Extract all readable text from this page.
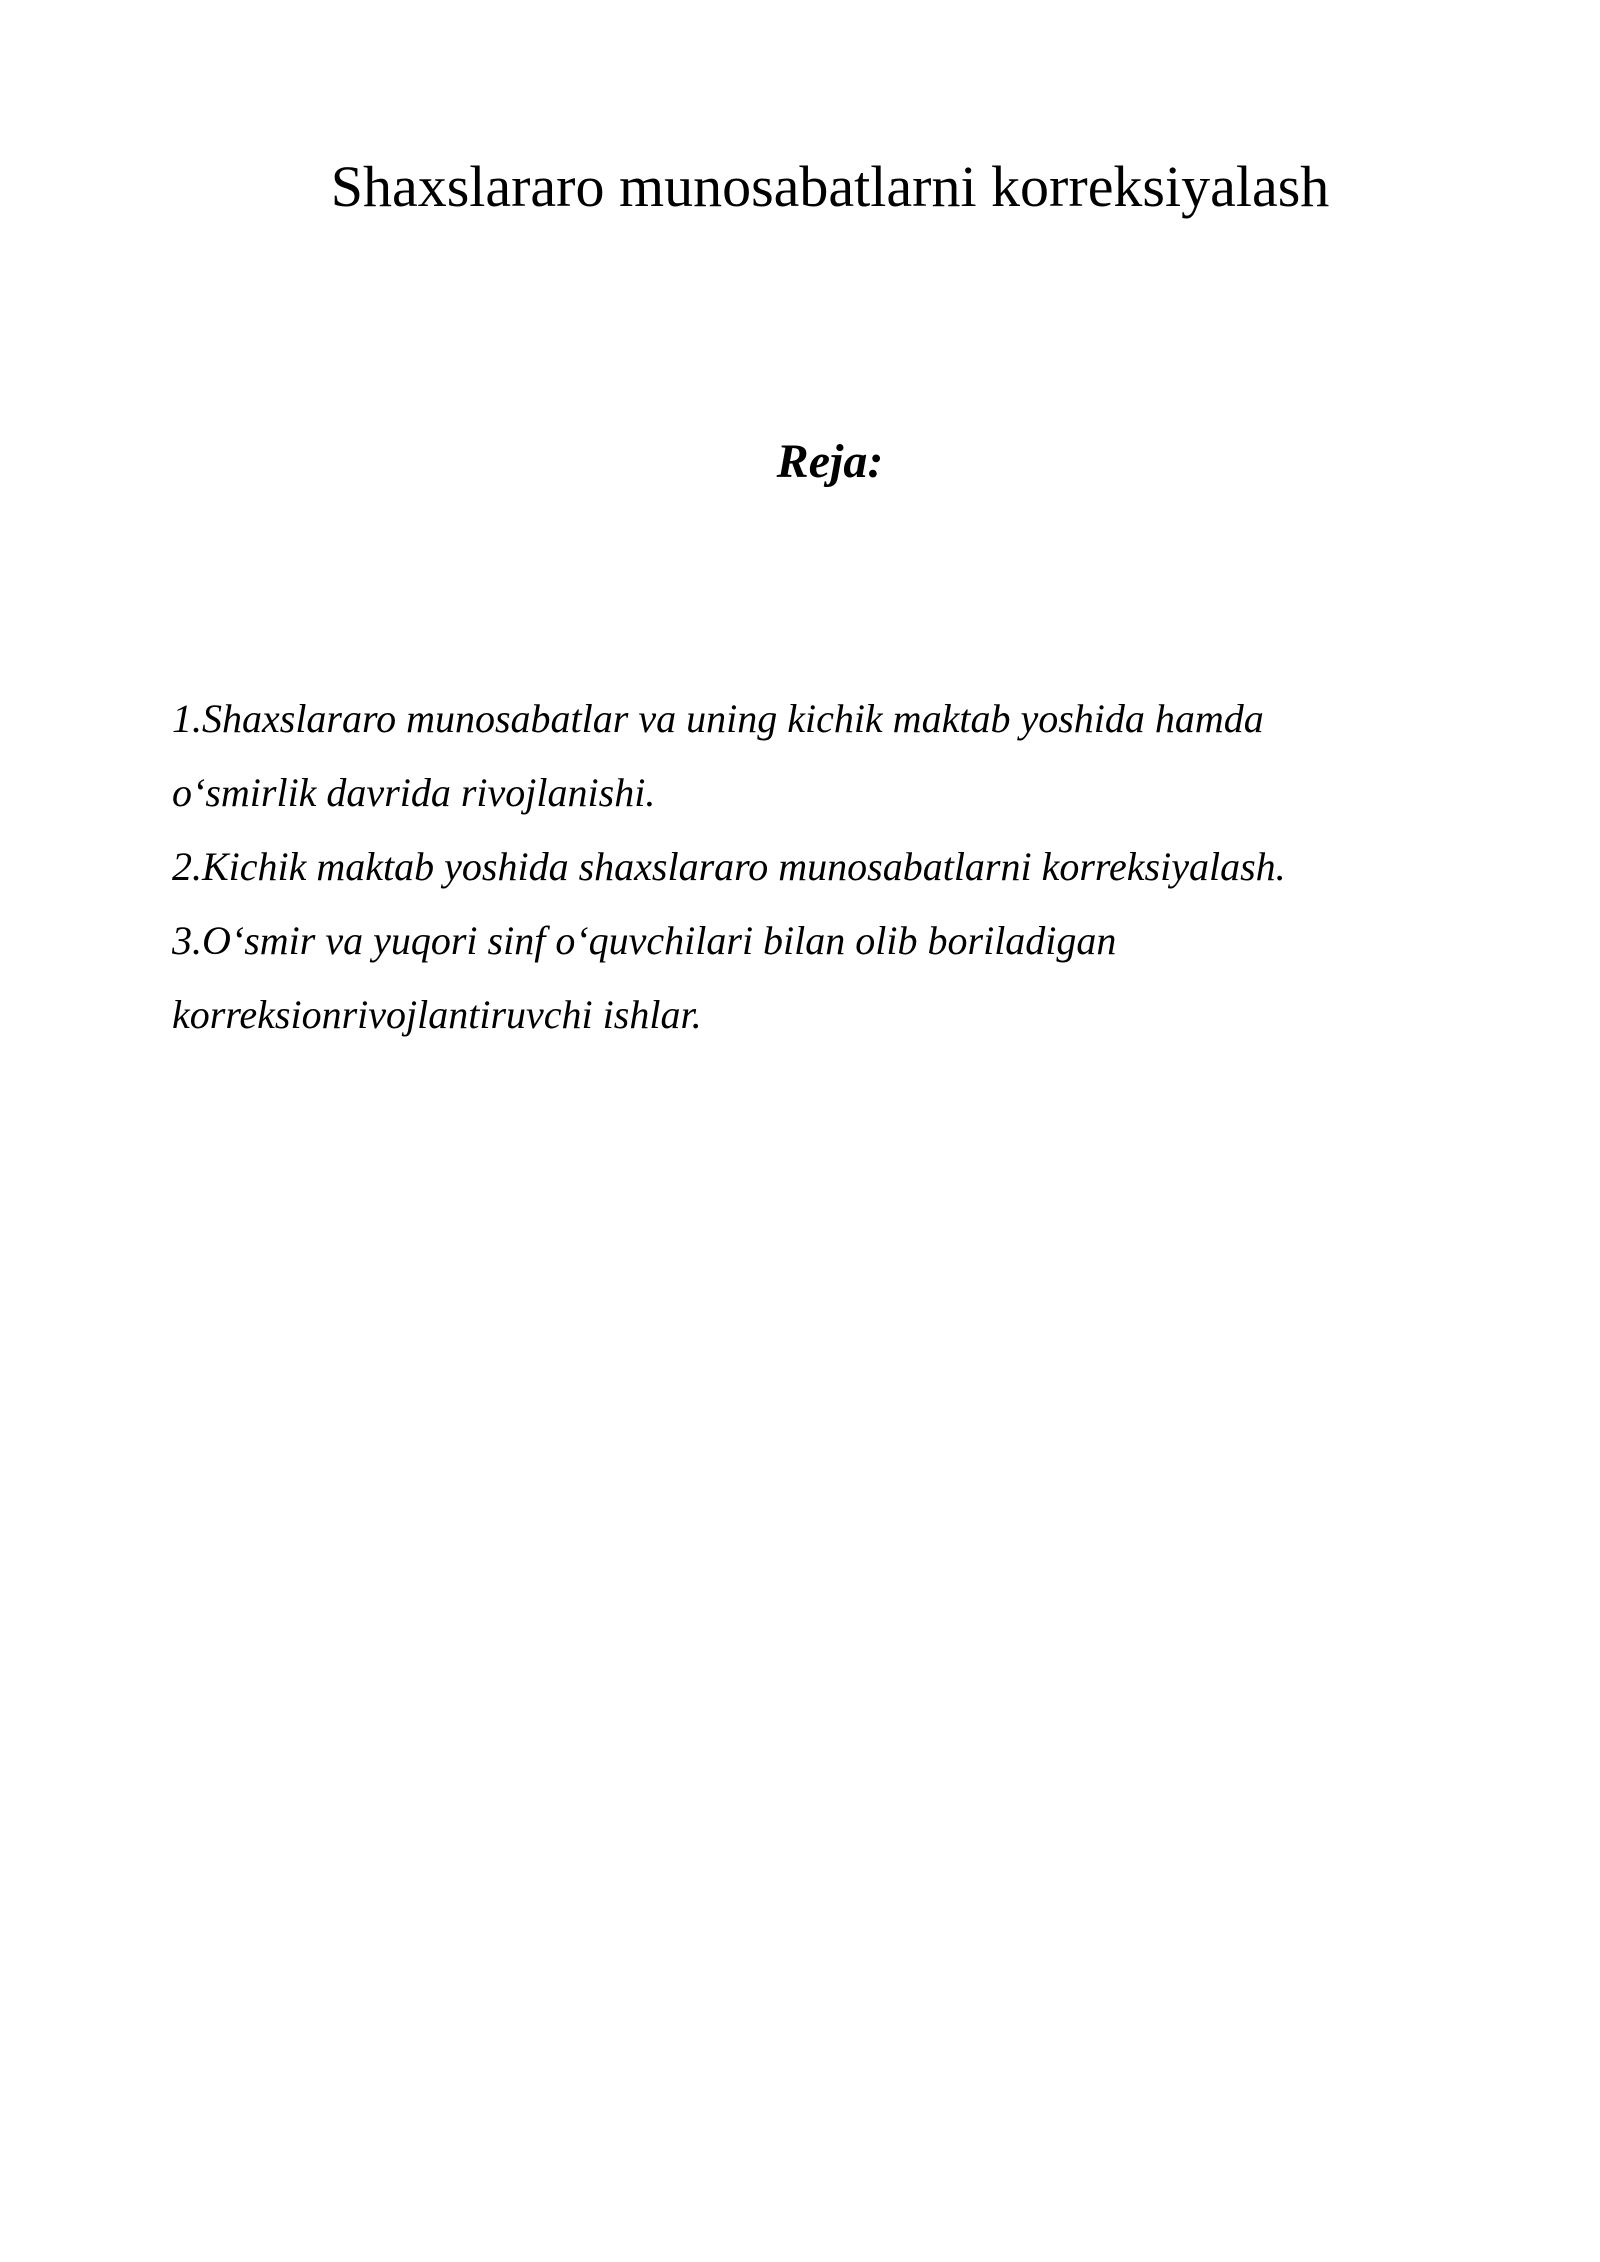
Shaxslararo munosabatlarni korreksiyalash
Reja:
1.Shaxslararo munosabatlar va uning kichik maktab yoshida hamda
o‘smirlik davrida rivojlanishi.
2.Kichik maktab yoshida shaxslararo munosabatlarni korreksiyalash.
3.O‘smir va yuqori sinf o‘quvchilari bilan olib boriladigan
korreksionrivojlantiruvchi ishlar.
